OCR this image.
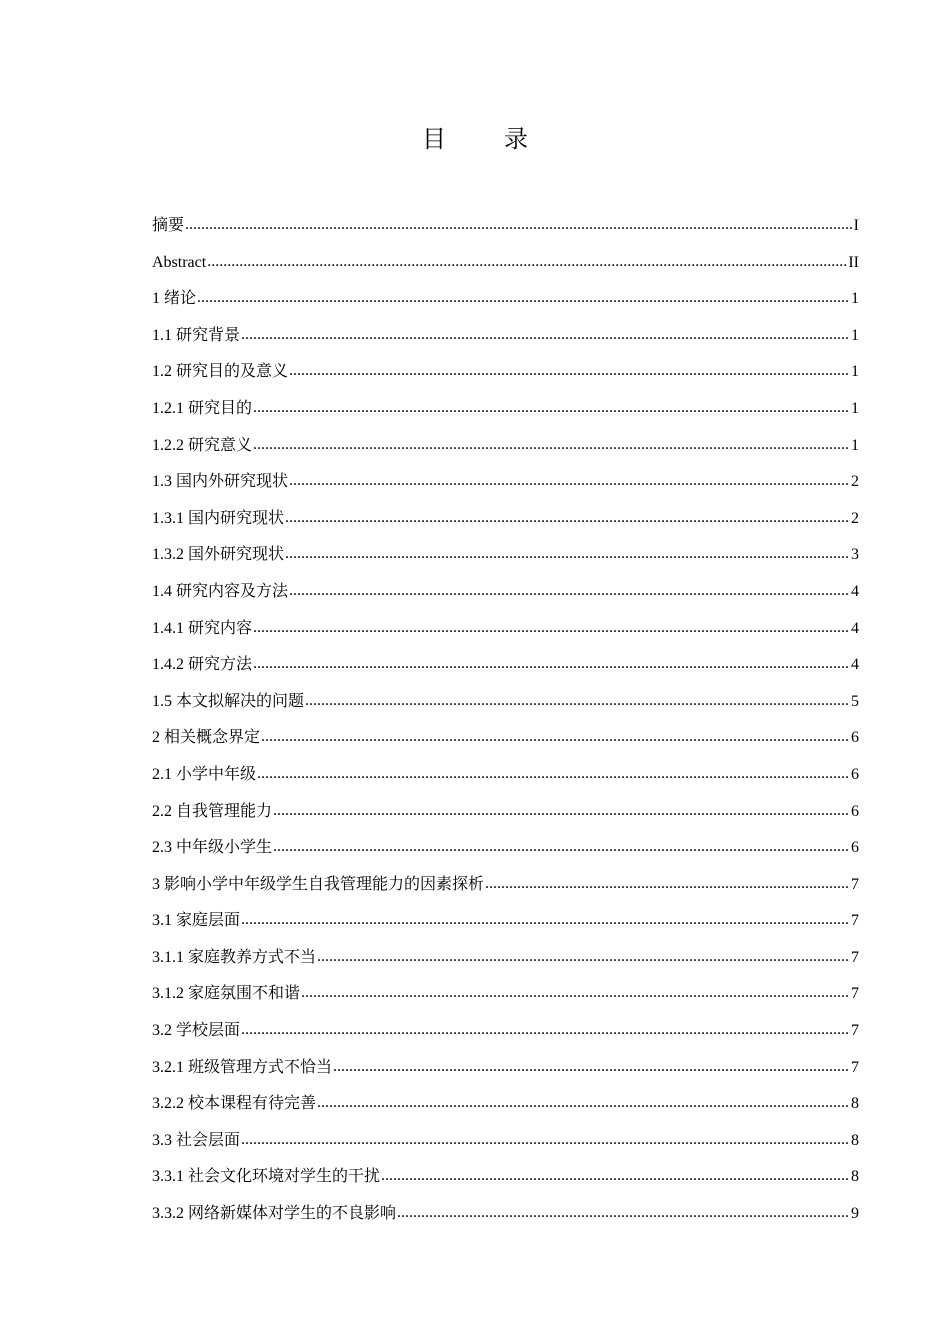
目 录
摘要 .....	I
Abstract .....	II
1 绪论 .....	1
1.1 研究背景 .....	1
1.2 研究目的及意义 .....	1
1.2.1 研究目的 .....	1
1.2.2 研究意义 .....	1
1.3 国内外研究现状 .....	2
1.3.1 国内研究现状 .....	2
1.3.2 国外研究现状 .....	3
1.4 研究内容及方法 .....	4
1.4.1 研究内容 .....	4
1.4.2 研究方法 .....	4
1.5 本文拟解决的问题 .....	5
2 相关概念界定 .....	6
2.1 小学中年级 .....	6
2.2 自我管理能力 .....	6
2.3 中年级小学生 .....	6
3 影响小学中年级学生自我管理能力的因素探析 .....	7
3.1 家庭层面 .....	7
3.1.1 家庭教养方式不当 .....	7
3.1.2 家庭氛围不和谐 .....	7
3.2 学校层面 .....	7
3.2.1 班级管理方式不恰当 .....	7
3.2.2 校本课程有待完善 .....	8
3.3 社会层面 .....	8
3.3.1 社会文化环境对学生的干扰 .....	8
3.3.2 网络新媒体对学生的不良影响 .....	9
